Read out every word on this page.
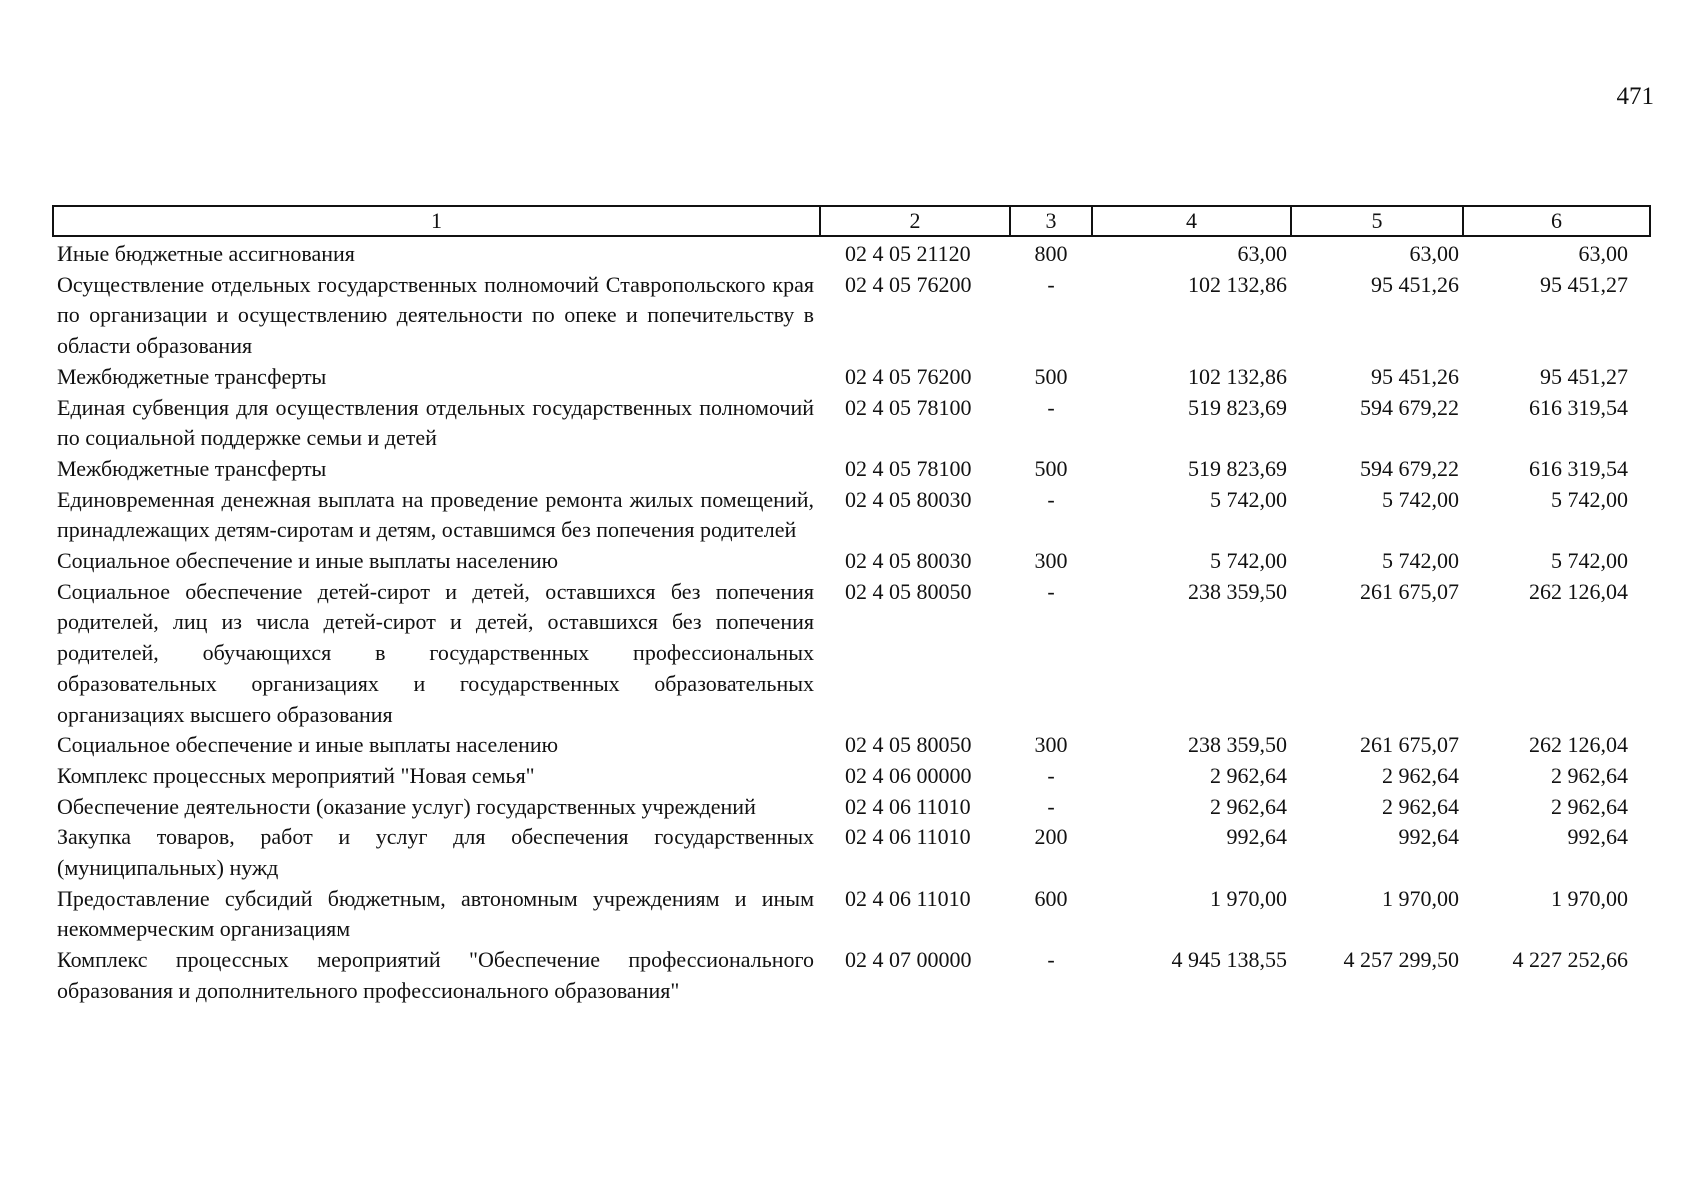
471
1	2	3	4	5	6
Иные бюджетные ассигнования	02 4 05 21120	800	63,00	63,00	63,00
Осуществление отдельных государственных полномочий Ставропольского края по организации и осуществлению деятельности по опеке и попечительству в области образования	02 4 05 76200	-	102 132,86	95 451,26	95 451,27
Межбюджетные трансферты	02 4 05 76200	500	102 132,86	95 451,26	95 451,27
Единая субвенция для осуществления отдельных государственных полномочий по социальной поддержке семьи и детей	02 4 05 78100	-	519 823,69	594 679,22	616 319,54
Межбюджетные трансферты	02 4 05 78100	500	519 823,69	594 679,22	616 319,54
Единовременная денежная выплата на проведение ремонта жилых помещений, принадлежащих детям-сиротам и детям, оставшимся без попечения родителей	02 4 05 80030	-	5 742,00	5 742,00	5 742,00
Социальное обеспечение и иные выплаты населению	02 4 05 80030	300	5 742,00	5 742,00	5 742,00
Социальное обеспечение детей-сирот и детей, оставшихся без попечения родителей, лиц из числа детей-сирот и детей, оставшихся без попечения родителей, обучающихся в государственных профессиональных образовательных организациях и государственных образовательных организациях высшего образования	02 4 05 80050	-	238 359,50	261 675,07	262 126,04
Социальное обеспечение и иные выплаты населению	02 4 05 80050	300	238 359,50	261 675,07	262 126,04
Комплекс процессных мероприятий "Новая семья"	02 4 06 00000	-	2 962,64	2 962,64	2 962,64
Обеспечение деятельности (оказание услуг) государственных учреждений	02 4 06 11010	-	2 962,64	2 962,64	2 962,64
Закупка товаров, работ и услуг для обеспечения государственных (муниципальных) нужд	02 4 06 11010	200	992,64	992,64	992,64
Предоставление субсидий бюджетным, автономным учреждениям и иным некоммерческим организациям	02 4 06 11010	600	1 970,00	1 970,00	1 970,00
Комплекс процессных мероприятий "Обеспечение профессионального образования и дополнительного профессионального образования"	02 4 07 00000	-	4 945 138,55	4 257 299,50	4 227 252,66
